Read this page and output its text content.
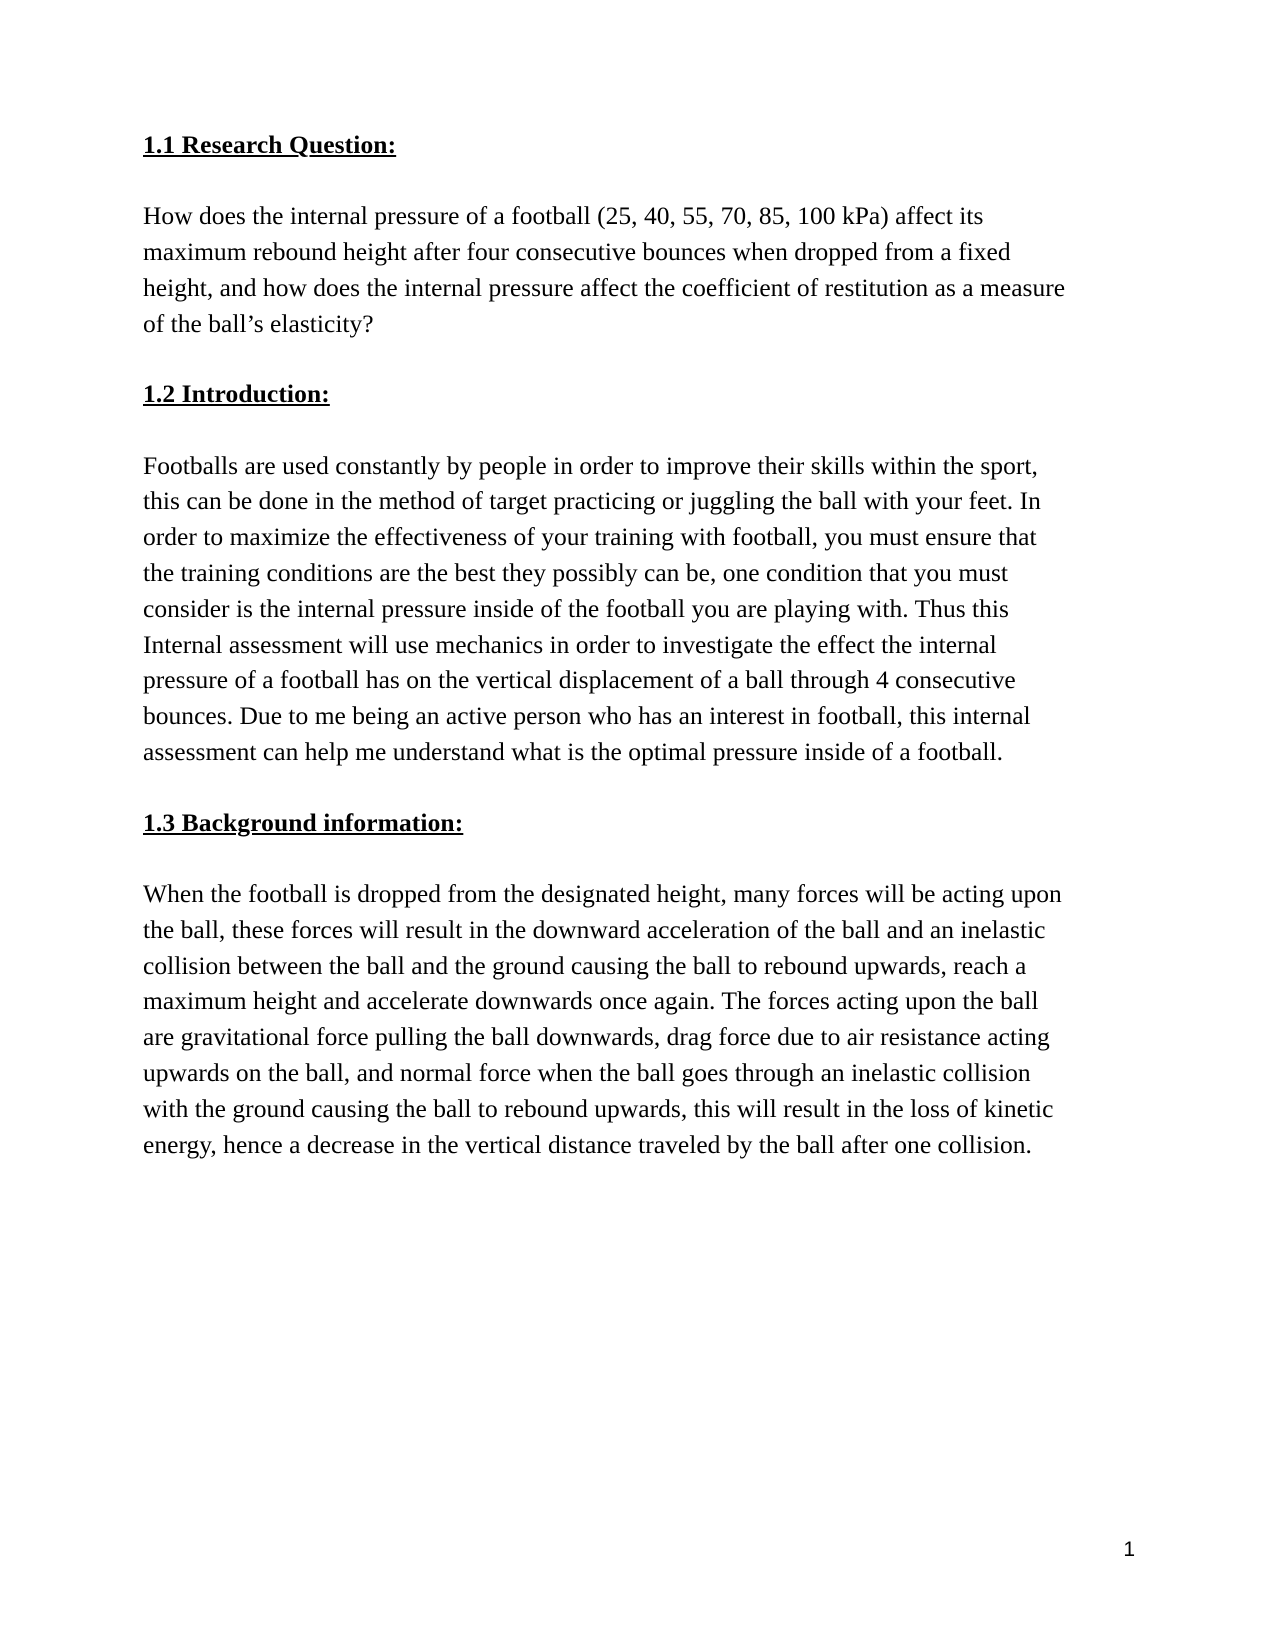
1.1 Research Question:

How does the internal pressure of a football (25, 40, 55, 70, 85, 100 kPa) affect its maximum rebound height after four consecutive bounces when dropped from a fixed height, and how does the internal pressure affect the coefficient of restitution as a measure of the ball’s elasticity?

1.2 Introduction:

Footballs are used constantly by people in order to improve their skills within the sport, this can be done in the method of target practicing or juggling the ball with your feet. In order to maximize the effectiveness of your training with football, you must ensure that the training conditions are the best they possibly can be, one condition that you must consider is the internal pressure inside of the football you are playing with. Thus this Internal assessment will use mechanics in order to investigate the effect the internal pressure of a football has on the vertical displacement of a ball through 4 consecutive bounces. Due to me being an active person who has an interest in football, this internal assessment can help me understand what is the optimal pressure inside of a football.

1.3 Background information:

When the football is dropped from the designated height, many forces will be acting upon the ball, these forces will result in the downward acceleration of the ball and an inelastic collision between the ball and the ground causing the ball to rebound upwards, reach a maximum height and accelerate downwards once again. The forces acting upon the ball are gravitational force pulling the ball downwards, drag force due to air resistance acting upwards on the ball, and normal force when the ball goes through an inelastic collision with the ground causing the ball to rebound upwards, this will result in the loss of kinetic energy, hence a decrease in the vertical distance traveled by the ball after one collision.

1
